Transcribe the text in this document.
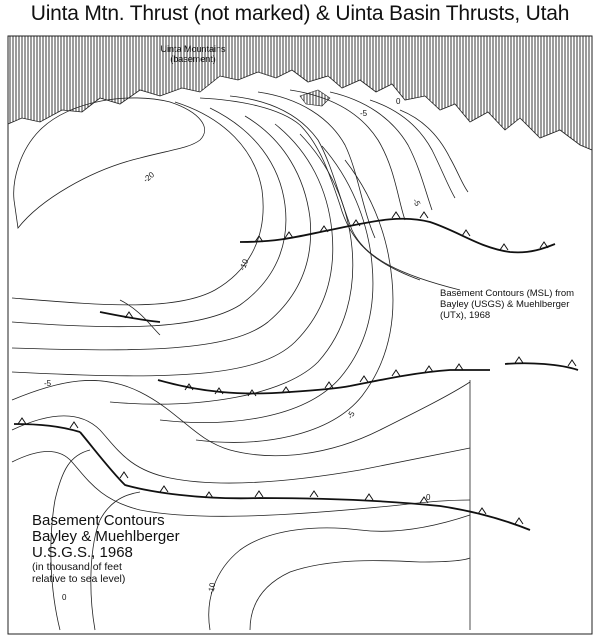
Uinta Mtn. Thrust (not marked) & Uinta Basin Thrusts, Utah
0
-5
-20
-5
-10
-5
-5
0
0
-10
Uinta Mountains
(basement)
Basement Contours (MSL) from
Bayley (USGS) & Muehlberger
(UTx), 1968
Basement Contours
Bayley & Muehlberger
U.S.G.S., 1968
(in thousand of feet
relative to sea level)
